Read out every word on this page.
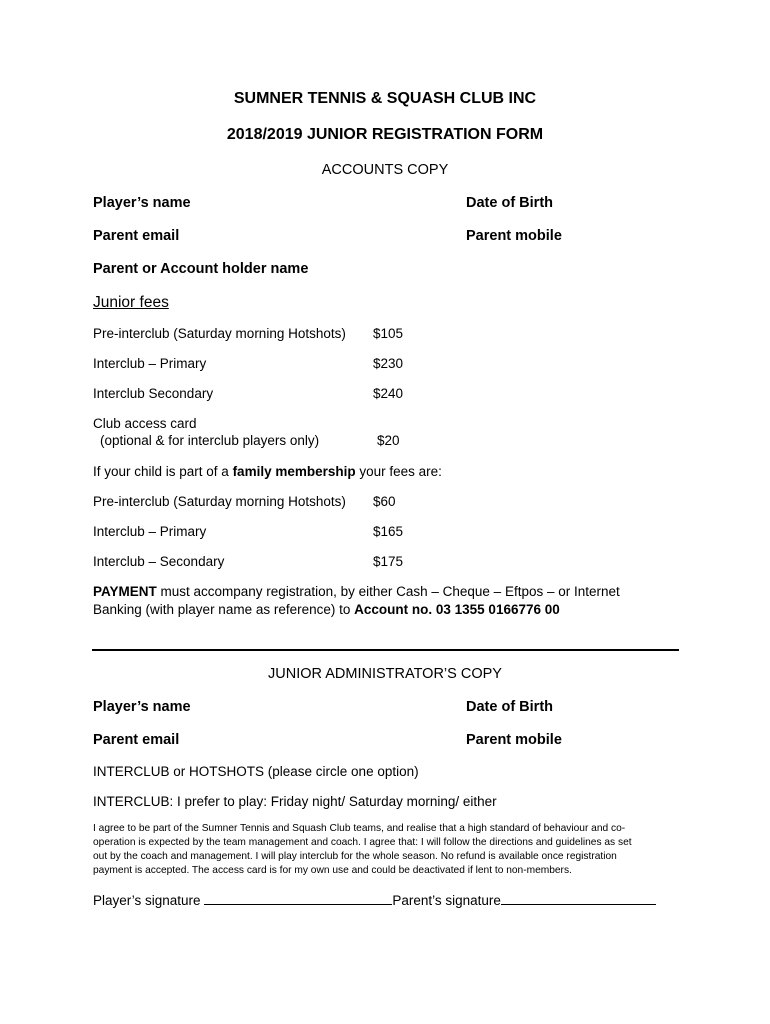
SUMNER TENNIS & SQUASH CLUB INC
2018/2019 JUNIOR REGISTRATION FORM
ACCOUNTS COPY
Player’s name	Date of Birth
Parent email	Parent mobile
Parent or Account holder name
Junior fees
Pre-interclub (Saturday morning Hotshots) $105
Interclub – Primary	$230
Interclub Secondary	$240
Club access card
(optional & for interclub players only)	$20
If your child is part of a family membership your fees are:
Pre-interclub (Saturday morning Hotshots) $60
Interclub – Primary	$165
Interclub – Secondary	$175
PAYMENT must accompany registration, by either Cash – Cheque – Eftpos – or Internet
Banking (with player name as reference) to Account no. 03 1355 0166776 00
JUNIOR ADMINISTRATOR’S COPY
Player’s name	Date of Birth
Parent email	Parent mobile
INTERCLUB or HOTSHOTS (please circle one option)
INTERCLUB: I prefer to play: Friday night/ Saturday morning/ either
I agree to be part of the Sumner Tennis and Squash Club teams, and realise that a high standard of behaviour and co-
operation is expected by the team management and coach. I agree that: I will follow the directions and guidelines as set
out by the coach and management. I will play interclub for the whole season. No refund is available once registration
payment is accepted. The access card is for my own use and could be deactivated if lent to non-members.
Player’s signature	Parent’s signature
